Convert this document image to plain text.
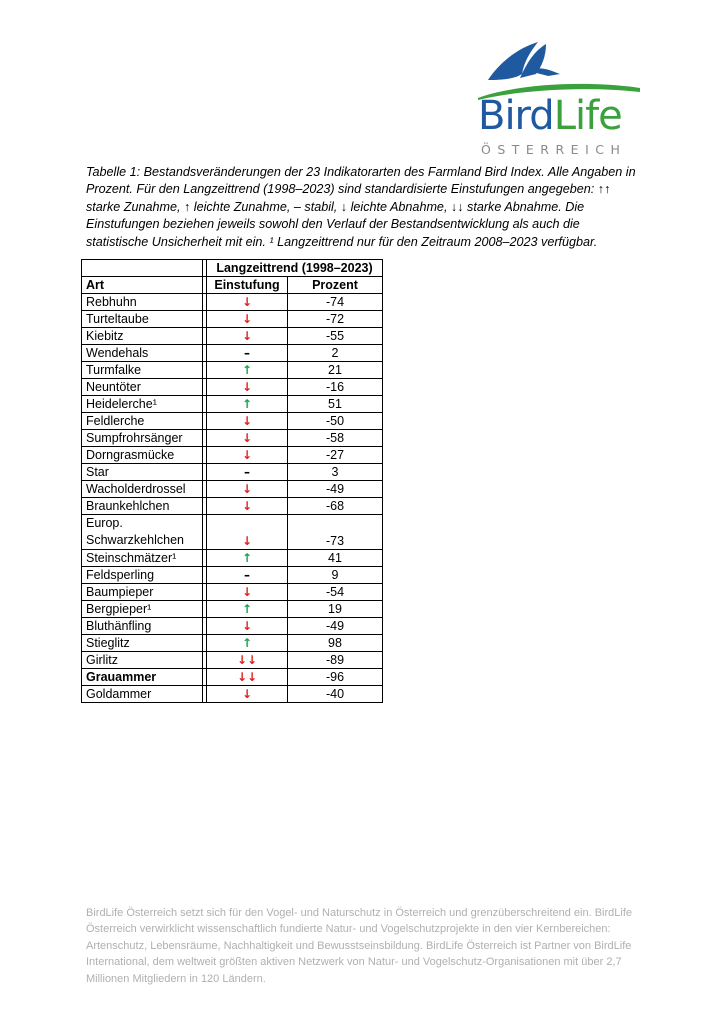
BirdLife
ÖSTERREICH
Tabelle 1: Bestandsveränderungen der 23 Indikatorarten des Farmland Bird Index. Alle Angaben in Prozent. Für den Langzeittrend (1998–2023) sind standardisierte Einstufungen angegeben: ↑↑ starke Zunahme, ↑ leichte Zunahme, – stabil, ↓ leichte Abnahme, ↓↓ starke Abnahme. Die Einstufungen beziehen jeweils sowohl den Verlauf der Bestandsentwicklung als auch die statistische Unsicherheit mit ein. ¹ Langzeittrend nur für den Zeitraum 2008–2023 verfügbar.
		Langzeittrend (1998–2023)	
Art		Einstufung	Prozent
Rebhuhn		↓	-74
Turteltaube		↓	-72
Kiebitz		↓	-55
Wendehals		–	2
Turmfalke		↑	21
Neuntöter		↓	-16
Heidelerche¹		↑	51
Feldlerche		↓	-50
Sumpfrohrsänger		↓	-58
Dorngrasmücke		↓	-27
Star		–	3
Wacholderdrossel		↓	-49
Braunkehlchen		↓	-68
Europ. Schwarzkehlchen		↓	-73
Steinschmätzer¹		↑	41
Feldsperling		–	9
Baumpieper		↓	-54
Bergpieper¹		↑	19
Bluthänfling		↓	-49
Stieglitz		↑	98
Girlitz		↓↓	-89
Grauammer		↓↓	-96
Goldammer		↓	-40
BirdLife Österreich setzt sich für den Vogel- und Naturschutz in Österreich und grenzüberschreitend ein. BirdLife Österreich verwirklicht wissenschaftlich fundierte Natur- und Vogelschutzprojekte in den vier Kernbereichen: Artenschutz, Lebensräume, Nachhaltigkeit und Bewusstseinsbildung. BirdLife Österreich ist Partner von BirdLife International, dem weltweit größten aktiven Netzwerk von Natur- und Vogelschutz-Organisationen mit über 2,7 Millionen Mitgliedern in 120 Ländern.
